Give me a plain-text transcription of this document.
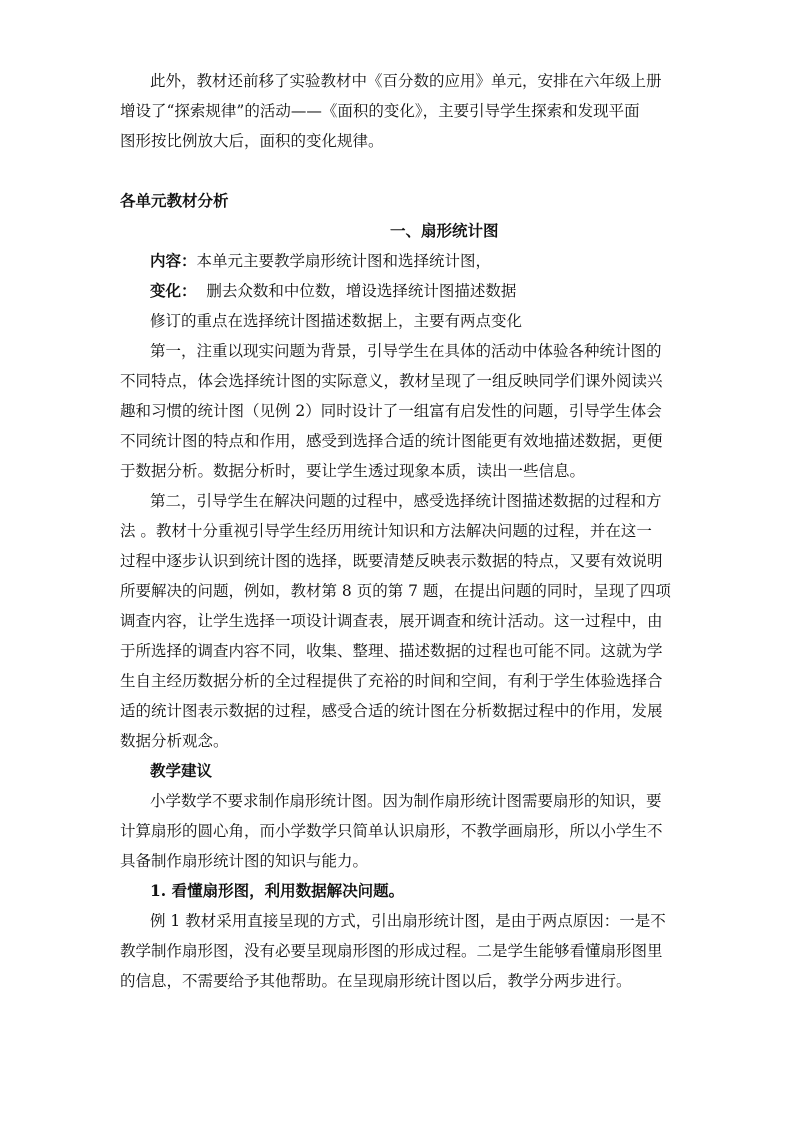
此外，教材还前移了实验教材中《百分数的应用》单元，安排在六年级上册
增设了“探索规律”的活动——《面积的变化》，主要引导学生探索和发现平面
图形按比例放大后，面积的变化规律。
各单元教材分析
一、扇形统计图
内容：本单元主要教学扇形统计图和选择统计图，
变化：  删去众数和中位数，增设选择统计图描述数据
修订的重点在选择统计图描述数据上，主要有两点变化
第一，注重以现实问题为背景，引导学生在具体的活动中体验各种统计图的
不同特点，体会选择统计图的实际意义，教材呈现了一组反映同学们课外阅读兴
趣和习惯的统计图（见例 2）同时设计了一组富有启发性的问题，引导学生体会
不同统计图的特点和作用，感受到选择合适的统计图能更有效地描述数据，更便
于数据分析。数据分析时，要让学生透过现象本质，读出一些信息。
第二，引导学生在解决问题的过程中，感受选择统计图描述数据的过程和方
法 。教材十分重视引导学生经历用统计知识和方法解决问题的过程，并在这一
过程中逐步认识到统计图的选择，既要清楚反映表示数据的特点，又要有效说明
所要解决的问题，例如，教材第 8 页的第 7 题，在提出问题的同时，呈现了四项
调查内容，让学生选择一项设计调查表，展开调查和统计活动。这一过程中，由
于所选择的调查内容不同，收集、整理、描述数据的过程也可能不同。这就为学
生自主经历数据分析的全过程提供了充裕的时间和空间，有利于学生体验选择合
适的统计图表示数据的过程，感受合适的统计图在分析数据过程中的作用，发展
数据分析观念。
教学建议
小学数学不要求制作扇形统计图。因为制作扇形统计图需要扇形的知识，要
计算扇形的圆心角，而小学数学只简单认识扇形，不教学画扇形，所以小学生不
具备制作扇形统计图的知识与能力。
1. 看懂扇形图，利用数据解决问题。
例 1 教材采用直接呈现的方式，引出扇形统计图，是由于两点原因：一是不
教学制作扇形图，没有必要呈现扇形图的形成过程。二是学生能够看懂扇形图里
的信息，不需要给予其他帮助。在呈现扇形统计图以后，教学分两步进行。
